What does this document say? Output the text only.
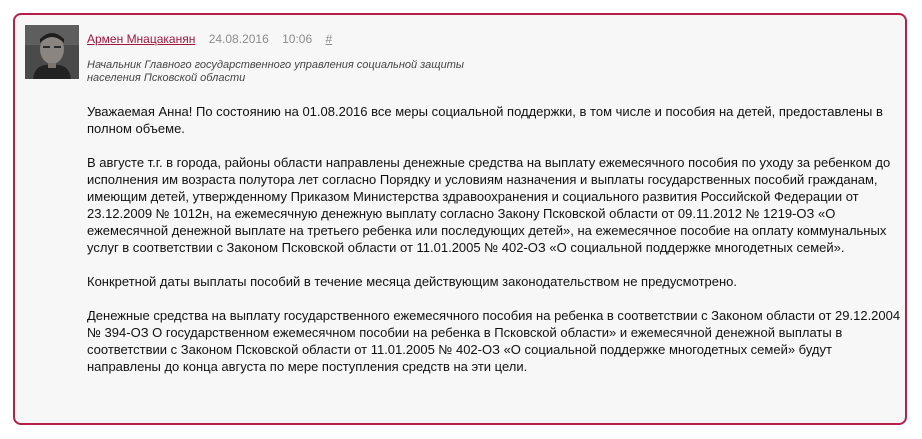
Армен Мнацаканян 24.08.2016 10:06 #
Начальник Главного государственного управления социальной защиты
населения Псковской области

Уважаемая Анна! По состоянию на 01.08.2016 все меры социальной поддержки, в том числе и пособия на детей, предоставлены в полном объеме.

В августе т.г. в города, районы области направлены денежные средства на выплату ежемесячного пособия по уходу за ребенком до исполнения им возраста полутора лет согласно Порядку и условиям назначения и выплаты государственных пособий гражданам, имеющим детей, утвержденному Приказом Министерства здравоохранения и социального развития Российской Федерации от 23.12.2009 № 1012н, на ежемесячную денежную выплату согласно Закону Псковской области от 09.11.2012 № 1219-ОЗ «О ежемесячной денежной выплате на третьего ребенка или последующих детей», на ежемесячное пособие на оплату коммунальных услуг в соответствии с Законом Псковской области от 11.01.2005 № 402-ОЗ «О социальной поддержке многодетных семей».

Конкретной даты выплаты пособий в течение месяца действующим законодательством не предусмотрено.

Денежные средства на выплату государственного ежемесячного пособия на ребенка в соответствии с Законом области от 29.12.2004 № 394-ОЗ О государственном ежемесячном пособии на ребенка в Псковской области» и ежемесячной денежной выплаты в соответствии с Законом Псковской области от 11.01.2005 № 402-ОЗ «О социальной поддержке многодетных семей» будут направлены до конца августа по мере поступления средств на эти цели.
